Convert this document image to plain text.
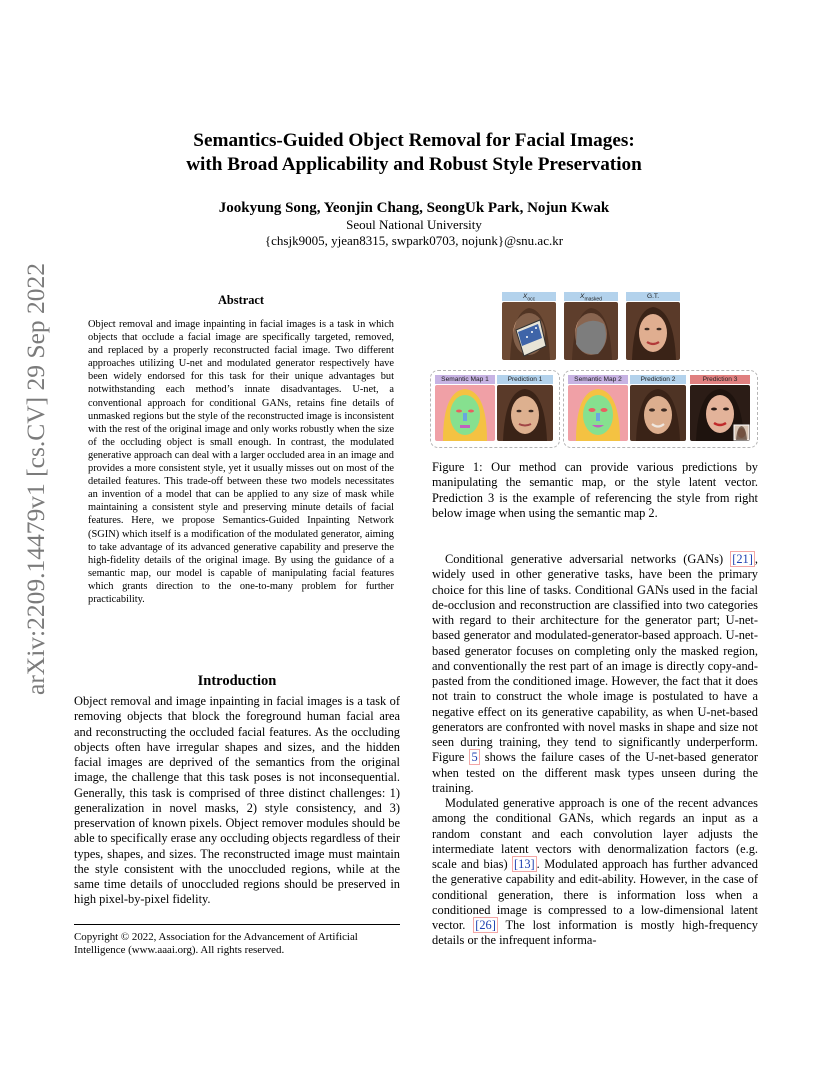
arXiv:2209.14479v1 [cs.CV] 29 Sep 2022
Semantics-Guided Object Removal for Facial Images:
with Broad Applicability and Robust Style Preservation
Jookyung Song, Yeonjin Chang, SeongUk Park, Nojun Kwak
Seoul National University
{chsjk9005, yjean8315, swpark0703, nojunk}@snu.ac.kr
Abstract

Object removal and image inpainting in facial images is a task in which objects that occlude a facial image are specifically targeted, removed, and replaced by a properly reconstructed facial image. Two different approaches utilizing U-net and modulated generator respectively have been widely endorsed for this task for their unique advantages but notwithstanding each method’s innate disadvantages. U-net, a conventional approach for conditional GANs, retains fine details of unmasked regions but the style of the reconstructed image is inconsistent with the rest of the original image and only works robustly when the size of the occluding object is small enough. In contrast, the modulated generative approach can deal with a larger occluded area in an image and provides a more consistent style, yet it usually misses out on most of the detailed features. This trade-off between these two models necessitates an invention of a model that can be applied to any size of mask while maintaining a consistent style and preserving minute details of facial features. Here, we propose Semantics-Guided Inpainting Network (SGIN) which itself is a modification of the modulated generator, aiming to take advantage of its advanced generative capability and preserve the high-fidelity details of the original image. By using the guidance of a semantic map, our model is capable of manipulating facial features which grants direction to the one-to-many problem for further practicability.

Introduction

Object removal and image inpainting in facial images is a task of removing objects that block the foreground human facial area and reconstructing the occluded facial features. As the occluding objects often have irregular shapes and sizes, and the hidden facial images are deprived of the semantics from the original image, the challenge that this task poses is not inconsequential. Generally, this task is comprised of three distinct challenges: 1) generalization in novel masks, 2) style consistency, and 3) preservation of known pixels. Object remover modules should be able to specifically erase any occluding objects regardless of their types, shapes, and sizes. The reconstructed image must maintain the style consistent with the unoccluded regions, while at the same time details of unoccluded regions should be preserved in high pixel-by-pixel fidelity.

Copyright © 2022, Association for the Advancement of Artificial Intelligence (www.aaai.org). All rights reserved.
$X_{occ}$	$X_{masked}$	G.T.
Semantic Map 1	Prediction 1	Semantic Map 2	Prediction 2	Prediction 3
Figure 1: Our method can provide various predictions by manipulating the semantic map, or the style latent vector. Prediction 3 is the example of referencing the style from right below image when using the semantic map 2.

Conditional generative adversarial networks (GANs) [21] , widely used in other generative tasks, have been the primary choice for this line of tasks. Conditional GANs used in the facial de-occlusion and reconstruction are classified into two categories with regard to their architecture for the generator part; U-net-based generator and modulated-generator-based approach. U-net-based generator focuses on completing only the masked region, and conventionally the rest part of an image is directly copy-and-pasted from the conditioned image. However, the fact that it does not train to construct the whole image is postulated to have a negative effect on its generative capability, as when U-net-based generators are confronted with novel masks in shape and size not seen during training, they tend to significantly underperform. Figure 5 shows the failure cases of the U-net-based generator when tested on the different mask types unseen during the training.

Modulated generative approach is one of the recent advances among the conditional GANs, which regards an input as a random constant and each convolution layer adjusts the intermediate latent vectors with denormalization factors (e.g. scale and bias) [13] . Modulated approach has further advanced the generative capability and edit-ability. However, in the case of conditional generation, there is information loss when a conditioned image is compressed to a low-dimensional latent vector. [26] The lost information is mostly high-frequency details or the infrequent informa-
